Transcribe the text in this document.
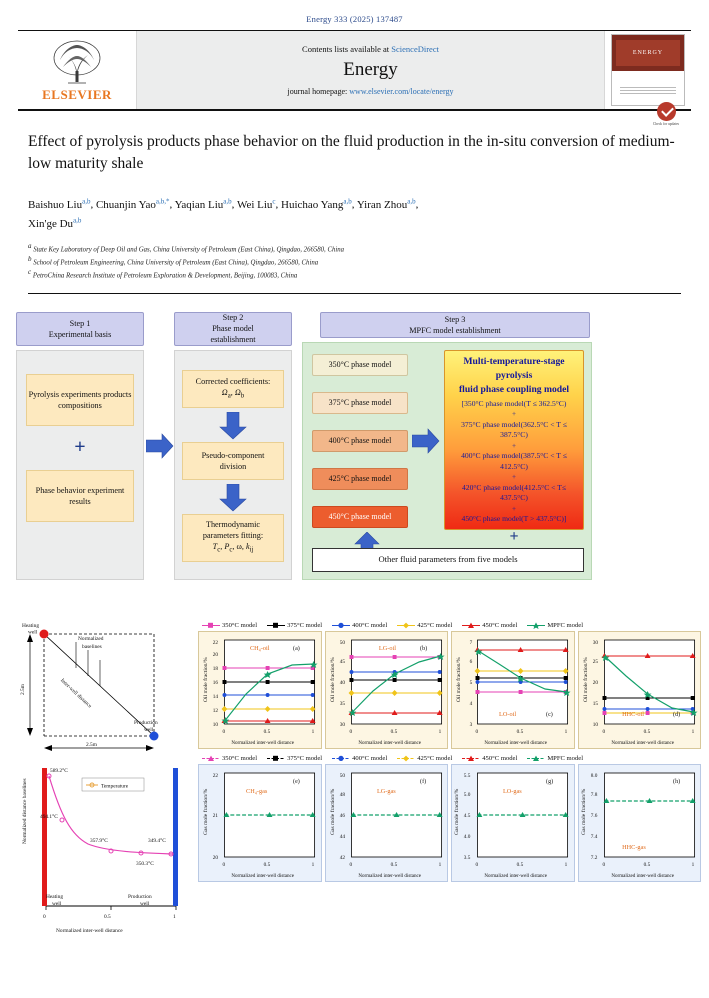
Energy 333 (2025) 137487
ELSEVIER
Contents lists available at ScienceDirect
Energy
journal homepage: www.elsevier.com/locate/energy
ENERGY
Check for updates
Effect of pyrolysis products phase behavior on the fluid production in the in-situ conversion of medium-low maturity shale
Baishuo Liu$^{a,b}$, Chuanjin Yao$^{a,b,*}$, Yaqian Liu$^{a,b}$, Wei Liu$^c$, Huichao Yang$^{a,b}$, Yiran Zhou$^{a,b}$,
Xin'ge Du$^{a,b}$
a State Key Laboratory of Deep Oil and Gas, China University of Petroleum (East China), Qingdao, 266580, China
b School of Petroleum Engineering, China University of Petroleum (East China), Qingdao, 266580, China
c PetroChina Research Institute of Petroleum Exploration & Development, Beijing, 100083, China
Step 1
Experimental basis
Step 2
Phase model
establishment
Step 3
MPFC model establishment
Pyrolysis experiments products compositions
+
Phase behavior experiment results
Corrected coefficients:
$\Omega_a$, $\Omega_b$
Pseudo-component
division
Thermodynamic
parameters fitting:
$T_c$, $P_c$, ω, $k_{ij}$
350°C phase model
375°C phase model
400°C phase model
425°C phase model
450°C phase model
Multi-temperature-stage pyrolysis
fluid phase coupling model
[350°C phase model(T ≤ 362.5°C)
+
375°C phase model(362.5°C < T ≤ 387.5°C)
+
400°C phase model(387.5°C < T ≤ 412.5°C)
+
420°C phase model(412.5°C < T≤ 437.5°C)
+
450°C phase model(T > 437.5°C)]
+
Other fluid parameters from five models
2.5m
2.5m
Heating
well
Production
well
Normalized
baselines
Inter-well distance
589.2°C
494.1°C
357.9°C
350.3°C
349.4°C
Temperature
0	0.5	1
Heating
well
Production
well
Normalized distance baselines
Normalized inter-well distance
350°C model	375°C model	400°C model	425°C model	450°C model	MPFC model
10
12
14
16
18
20
22
0	0.5	1
CH₄-oil	(a)
Oil mole fraction/%
Normalized inter-well distance
30
35
40
45
50
0	0.5	1
LG-oil	(b)
Oil mole fraction/%
Normalized inter-well distance
3
4
5
6
7
0	0.5	1
LO-oil	(c)
Oil mole fraction/%
Normalized inter-well distance
10
15
20
25
30
0	0.5	1
HHC-oil	(d)
Oil mole fraction/%
Normalized inter-well distance
350°C model	375°C model	400°C model	425°C model	450°C model	MPFC model
20
21
22
0	0.5	1
CH₄-gas
(e)
Gas mole fraction/%
Normalized inter-well distance
42
44
46
48
50
0	0.5	1
LG-gas
(f)
Gas mole fraction/%
Normalized inter-well distance
3.5
4.0
4.5
5.0
5.5
0	0.5	1
LO-gas
(g)
Gas mole fraction/%
Normalized inter-well distance
7.2
7.4
7.6
7.8
8.0
0	0.5	1
HHC-gas
(h)
Gas mole fraction/%
Normalized inter-well distance
